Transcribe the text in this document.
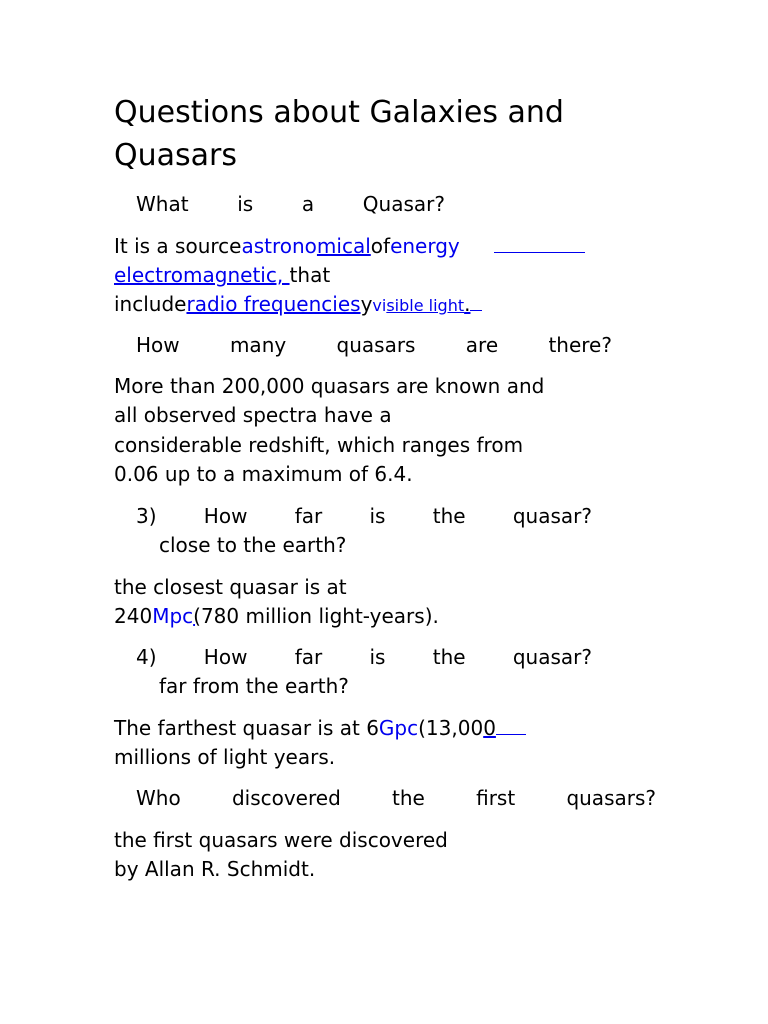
Questions about Galaxies and
Quasars
What is a Quasar?
It is a sourceastronomicalofenergy
electromagnetic, that
includeradio frequenciesyvisible light.
How	many	quasars	are	there?
More than 200,000 quasars are known and
all observed spectra have a
considerable redshift, which ranges from
0.06 up to a maximum of 6.4.
3) How far is the quasar?
close to the earth?
the closest quasar is at
240Mpc(780 million light-years).
4) How far is the quasar?
far from the earth?
The farthest quasar is at 6Gpc(13,000
millions of light years.
Who	discovered	the	first	quasars?
the first quasars were discovered
by Allan R. Schmidt.
